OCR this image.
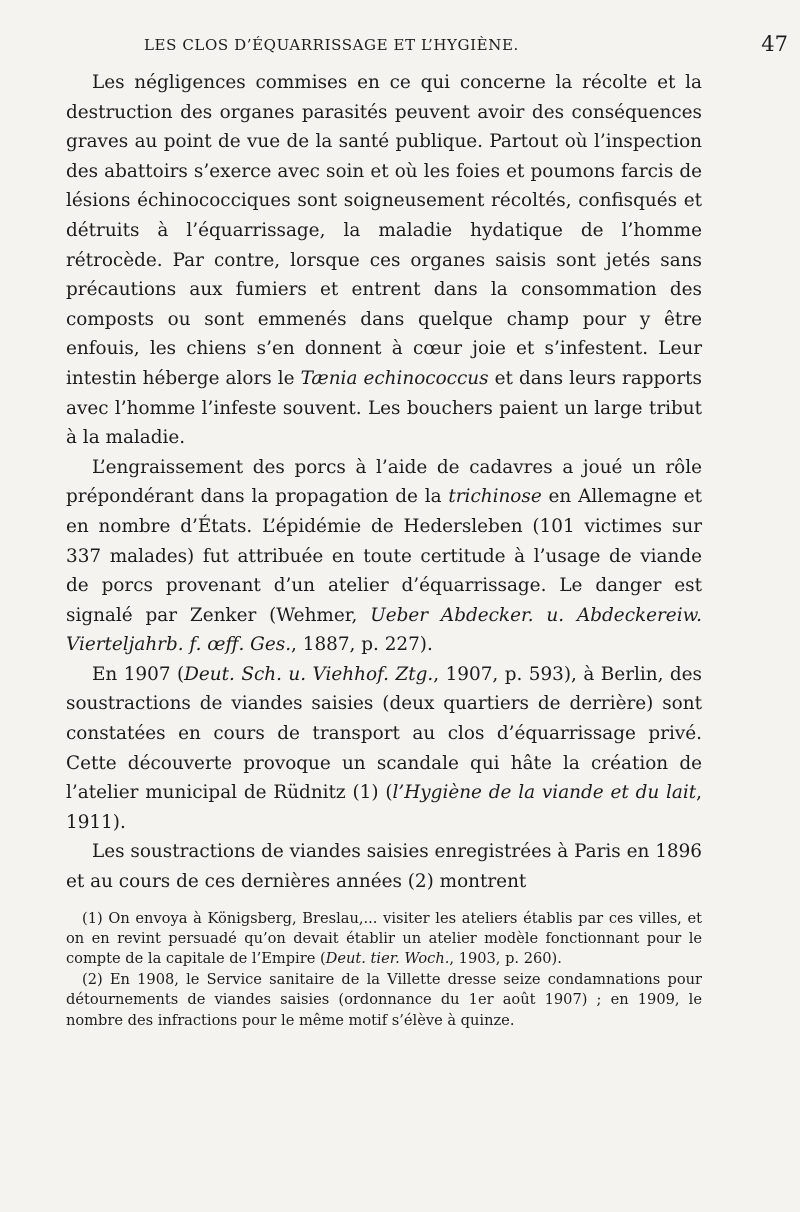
LES CLOS D’ÉQUARRISSAGE ET L’HYGIÈNE.	47

Les négligences commises en ce qui concerne la récolte et la destruction des organes parasités peuvent avoir des conséquences graves au point de vue de la santé publique. Partout où l’inspection des abattoirs s’exerce avec soin et où les foies et poumons farcis de lésions échinococciques sont soigneusement récoltés, confisqués et détruits à l’équarrissage, la maladie hydatique de l’homme rétrocède. Par contre, lorsque ces organes saisis sont jetés sans précautions aux fumiers et entrent dans la consommation des composts ou sont emmenés dans quelque champ pour y être enfouis, les chiens s’en donnent à cœur joie et s’infestent. Leur intestin héberge alors le Tænia echinococcus et dans leurs rapports avec l’homme l’infeste souvent. Les bouchers paient un large tribut à la maladie.

L’engraissement des porcs à l’aide de cadavres a joué un rôle prépondérant dans la propagation de la trichinose en Allemagne et en nombre d’États. L’épidémie de Hedersleben (101 victimes sur 337 malades) fut attribuée en toute certitude à l’usage de viande de porcs provenant d’un atelier d’équarrissage. Le danger est signalé par Zenker (Wehmer, Ueber Abdecker. u. Abdeckereiw. Vierteljahrb. f. œff. Ges., 1887, p. 227).

En 1907 (Deut. Sch. u. Viehhof. Ztg., 1907, p. 593), à Berlin, des soustractions de viandes saisies (deux quartiers de derrière) sont constatées en cours de transport au clos d’équarrissage privé. Cette découverte provoque un scandale qui hâte la création de l’atelier municipal de Rüdnitz (1) (l’Hygiène de la viande et du lait, 1911).

Les soustractions de viandes saisies enregistrées à Paris en 1896 et au cours de ces dernières années (2) montrent

(1) On envoya à Königsberg, Breslau,... visiter les ateliers établis par ces villes, et on en revint persuadé qu’on devait établir un atelier modèle fonctionnant pour le compte de la capitale de l’Empire (Deut. tier. Woch., 1903, p. 260).

(2) En 1908, le Service sanitaire de la Villette dresse seize condamnations pour détournements de viandes saisies (ordonnance du 1er août 1907) ; en 1909, le nombre des infractions pour le même motif s’élève à quinze.
